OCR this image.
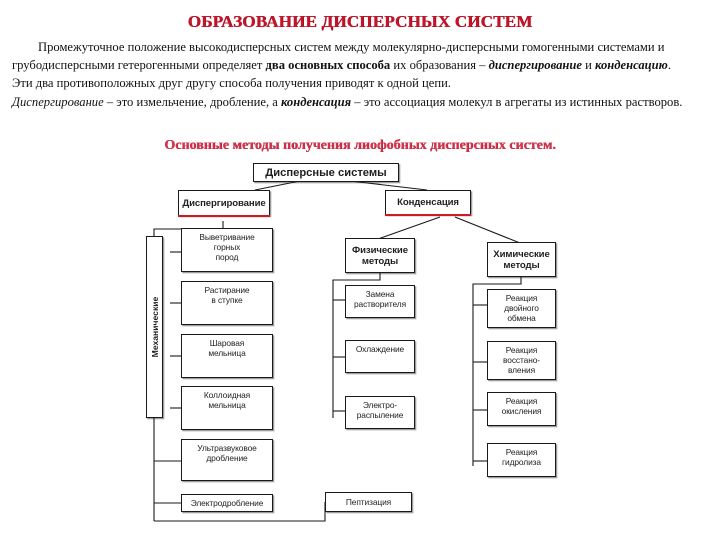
ОБРАЗОВАНИЕ ДИСПЕРСНЫХ СИСТЕМ

Промежуточное положение высокодисперсных систем между молекулярно-дисперсными гомогенными системами и грубодисперсными гетерогенными определяет два основных способа их образования – диспергирование и конденсацию.

Эти два противоположных друг другу способа получения приводят к одной цепи.

Диспергирование – это измельчение, дробление, а конденсация – это ассоциация молекул в агрегаты из истинных растворов.

Основные методы получения лиофобных дисперсных систем.
Дисперсные системы
Диспергирование	Конденсация
Механические
Выветривание
горных
пород
Растирание
в ступке
Шаровая
мельница
Коллоидная
мельница
Ультразвуковое
дробление
Электродробление
Физические
методы
Замена
растворителя
Охлаждение
Электро-
распыление
Химические
методы
Реакция
двойного
обмена
Реакция
восстано-
вления
Реакция
окисления
Реакция
гидролиза
Пептизация
